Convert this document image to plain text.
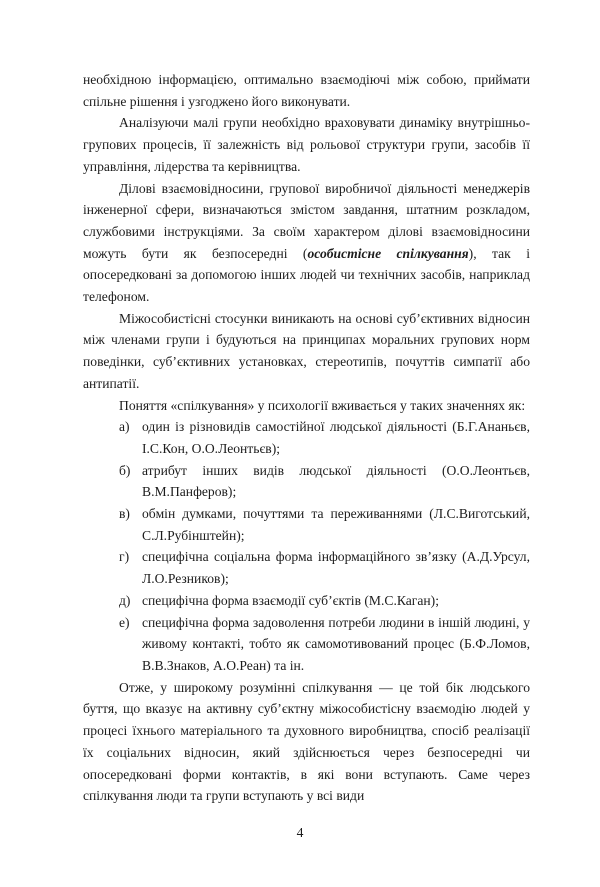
необхідною інформацією, оптимально взаємодіючі між собою, приймати спільне рішення і узгоджено його виконувати.

Аналізуючи малі групи необхідно враховувати динаміку внутрішньо-групових процесів, її залежність від рольової структури групи, засобів її управління, лідерства та керівництва.

Ділові взаємовідносини, групової виробничої діяльності менеджерів інженерної сфери, визначаються змістом завдання, штатним розкладом, службовими інструкціями. За своїм характером ділові взаємовідносини можуть бути як безпосередні (особистісне спілкування), так і опосередковані за допомогою інших людей чи технічних засобів, наприклад телефоном.

Міжособистісні стосунки виникають на основі суб’єктивних відносин між членами групи і будуються на принципах моральних групових норм поведінки, суб’єктивних установках, стереотипів, почуттів симпатії або антипатії.

Поняття «спілкування» у психології вживається у таких значеннях як:

а) один із різновидів самостійної людської діяльності (Б.Г.Ананьєв, І.С.Кон, О.О.Леонтьєв);
б) атрибут інших видів людської діяльності (О.О.Леонтьєв, В.М.Панферов);
в) обмін думками, почуттями та переживаннями (Л.С.Виготський, С.Л.Рубінштейн);
г) специфічна соціальна форма інформаційного зв’язку (А.Д.Урсул, Л.О.Резников);
д) специфічна форма взаємодії суб’єктів (М.С.Каган);
е) специфічна форма задоволення потреби людини в іншій людині, у живому контакті, тобто як самомотивований процес (Б.Ф.Ломов, В.В.Знаков, А.О.Реан) та ін.

Отже, у широкому розумінні спілкування — це той бік людського буття, що вказує на активну суб’єктну міжособистісну взаємодію людей у процесі їхнього матеріального та духовного виробництва, спосіб реалізації їх соціальних відносин, який здійснюється через безпосередні чи опосередковані форми контактів, в які вони вступають. Саме через спілкування люди та групи вступають у всі види

4
